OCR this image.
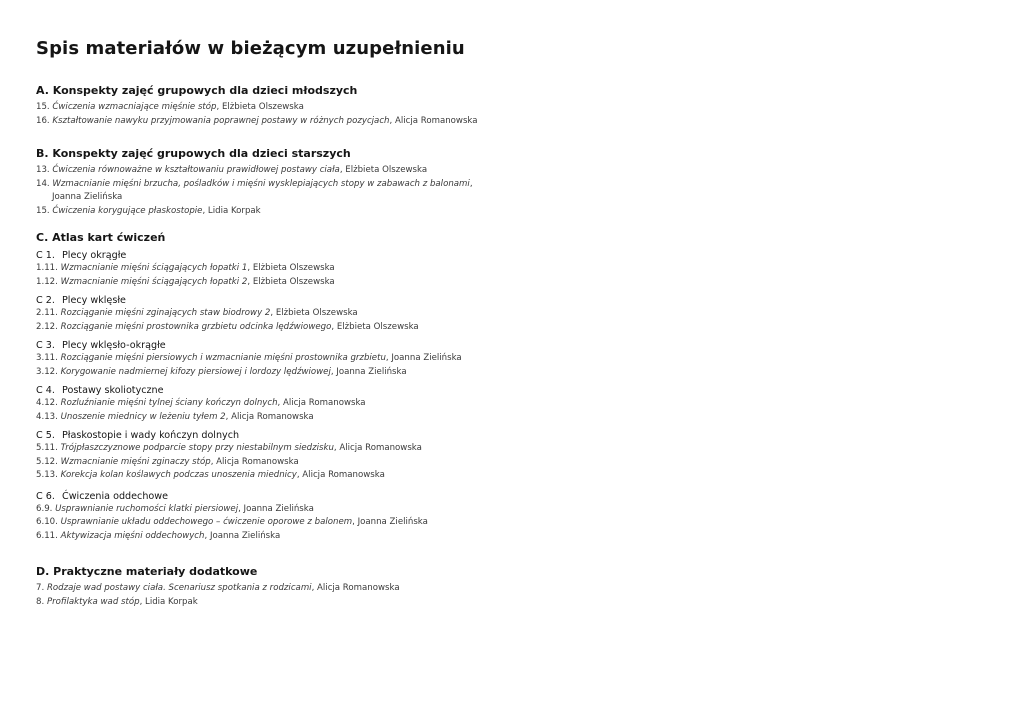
Spis materiałów w bieżącym uzupełnieniu
A. Konspekty zajęć grupowych dla dzieci młodszych
15. Ćwiczenia wzmacniające mięśnie stóp, Elżbieta Olszewska
16. Kształtowanie nawyku przyjmowania poprawnej postawy w różnych pozycjach, Alicja Romanowska
B. Konspekty zajęć grupowych dla dzieci starszych
13. Ćwiczenia równoważne w kształtowaniu prawidłowej postawy ciała, Elżbieta Olszewska
14. Wzmacnianie mięśni brzucha, pośladków i mięśni wysklepiających stopy w zabawach z balonami,
Joanna Zielińska
15. Ćwiczenia korygujące płaskostopie, Lidia Korpak
C. Atlas kart ćwiczeń
C 1. Plecy okrągłe
1.11. Wzmacnianie mięśni ściągających łopatki 1, Elżbieta Olszewska
1.12. Wzmacnianie mięśni ściągających łopatki 2, Elżbieta Olszewska
C 2. Plecy wklęsłe
2.11. Rozciąganie mięśni zginających staw biodrowy 2, Elżbieta Olszewska
2.12. Rozciąganie mięśni prostownika grzbietu odcinka lędźwiowego, Elżbieta Olszewska
C 3. Plecy wklęsło-okrągłe
3.11. Rozciąganie mięśni piersiowych i wzmacnianie mięśni prostownika grzbietu, Joanna Zielińska
3.12. Korygowanie nadmiernej kifozy piersiowej i lordozy lędźwiowej, Joanna Zielińska
C 4. Postawy skoliotyczne
4.12. Rozluźnianie mięśni tylnej ściany kończyn dolnych, Alicja Romanowska
4.13. Unoszenie miednicy w leżeniu tyłem 2, Alicja Romanowska
C 5. Płaskostopie i wady kończyn dolnych
5.11. Trójpłaszczyznowe podparcie stopy przy niestabilnym siedzisku, Alicja Romanowska
5.12. Wzmacnianie mięśni zginaczy stóp, Alicja Romanowska
5.13. Korekcja kolan koślawych podczas unoszenia miednicy, Alicja Romanowska
C 6. Ćwiczenia oddechowe
6.9. Usprawnianie ruchomości klatki piersiowej, Joanna Zielińska
6.10. Usprawnianie układu oddechowego – ćwiczenie oporowe z balonem, Joanna Zielińska
6.11. Aktywizacja mięśni oddechowych, Joanna Zielińska
D. Praktyczne materiały dodatkowe
7. Rodzaje wad postawy ciała. Scenariusz spotkania z rodzicami, Alicja Romanowska
8. Profilaktyka wad stóp, Lidia Korpak
